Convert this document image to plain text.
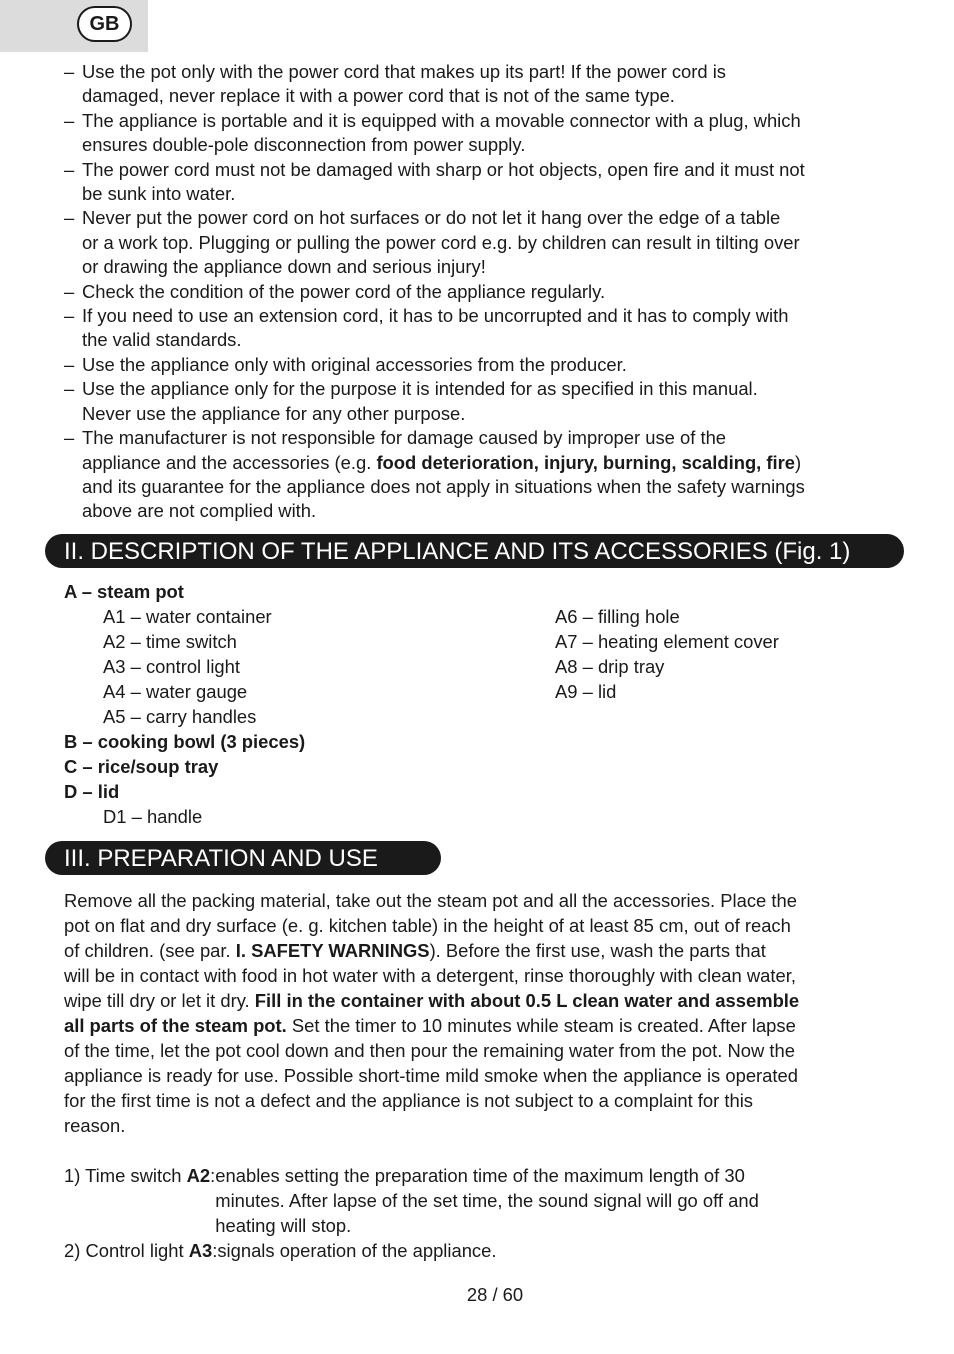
GB
– Use the pot only with the power cord that makes up its part! If the power cord is
damaged, never replace it with a power cord that is not of the same type.
– The appliance is portable and it is equipped with a movable connector with a plug, which
ensures double-pole disconnection from power supply.
– The power cord must not be damaged with sharp or hot objects, open fire and it must not
be sunk into water.
– Never put the power cord on hot surfaces or do not let it hang over the edge of a table
or a work top. Plugging or pulling the power cord e.g. by children can result in tilting over
or drawing the appliance down and serious injury!
– Check the condition of the power cord of the appliance regularly.
– If you need to use an extension cord, it has to be uncorrupted and it has to comply with
the valid standards.
– Use the appliance only with original accessories from the producer.
– Use the appliance only for the purpose it is intended for as specified in this manual.
Never use the appliance for any other purpose.
– The manufacturer is not responsible for damage caused by improper use of the
appliance and the accessories (e.g. food deterioration, injury, burning, scalding, fire)
and its guarantee for the appliance does not apply in situations when the safety warnings
above are not complied with.
II. DESCRIPTION OF THE APPLIANCE AND ITS ACCESSORIES (Fig. 1)
A – steam pot
A1 – water container
A2 – time switch
A3 – control light
A4 – water gauge
A5 – carry handles
B – cooking bowl (3 pieces)
C – rice/soup tray
D – lid
D1 – handle
A6 – filling hole
A7 – heating element cover
A8 – drip tray
A9 – lid
III. PREPARATION AND USE

Remove all the packing material, take out the steam pot and all the accessories. Place the
pot on flat and dry surface (e. g. kitchen table) in the height of at least 85 cm, out of reach
of children. (see par. I. SAFETY WARNINGS). Before the first use, wash the parts that
will be in contact with food in hot water with a detergent, rinse thoroughly with clean water,
wipe till dry or let it dry. Fill in the container with about 0.5 L clean water and assemble
all parts of the steam pot. Set the timer to 10 minutes while steam is created. After lapse
of the time, let the pot cool down and then pour the remaining water from the pot. Now the
appliance is ready for use. Possible short-time mild smoke when the appliance is operated
for the first time is not a defect and the appliance is not subject to a complaint for this
reason.

1) Time switch A2: enables setting the preparation time of the maximum length of 30
minutes. After lapse of the set time, the sound signal will go off and
heating will stop.
2) Control light A3: signals operation of the appliance.
28 / 60
